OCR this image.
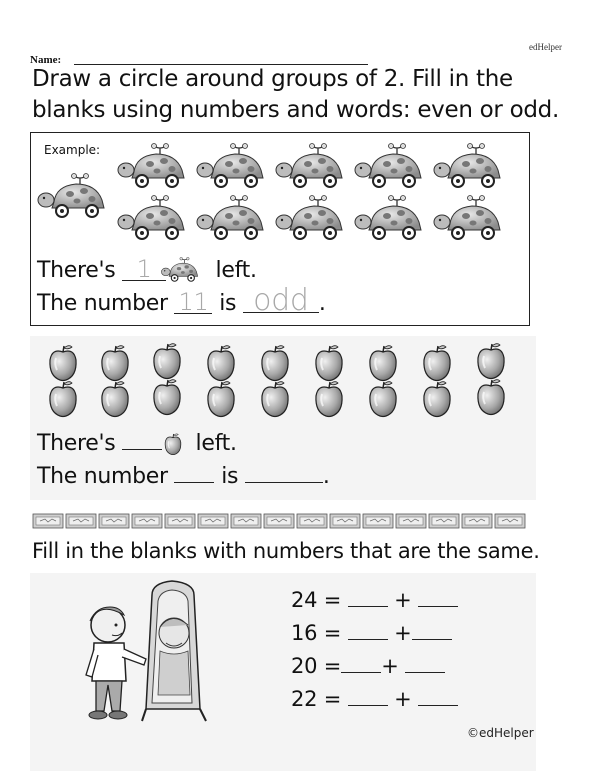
edHelper
Name:
Draw a circle around groups of 2. Fill in the
blanks using numbers and words: even or odd.
Example:
There's 1	left.
The number 11 is odd .
There's	left.
The number is	.
Fill in the blanks with numbers that are the same.
24 =	+
16 =	+
20 = +
22 =	+
©edHelper
